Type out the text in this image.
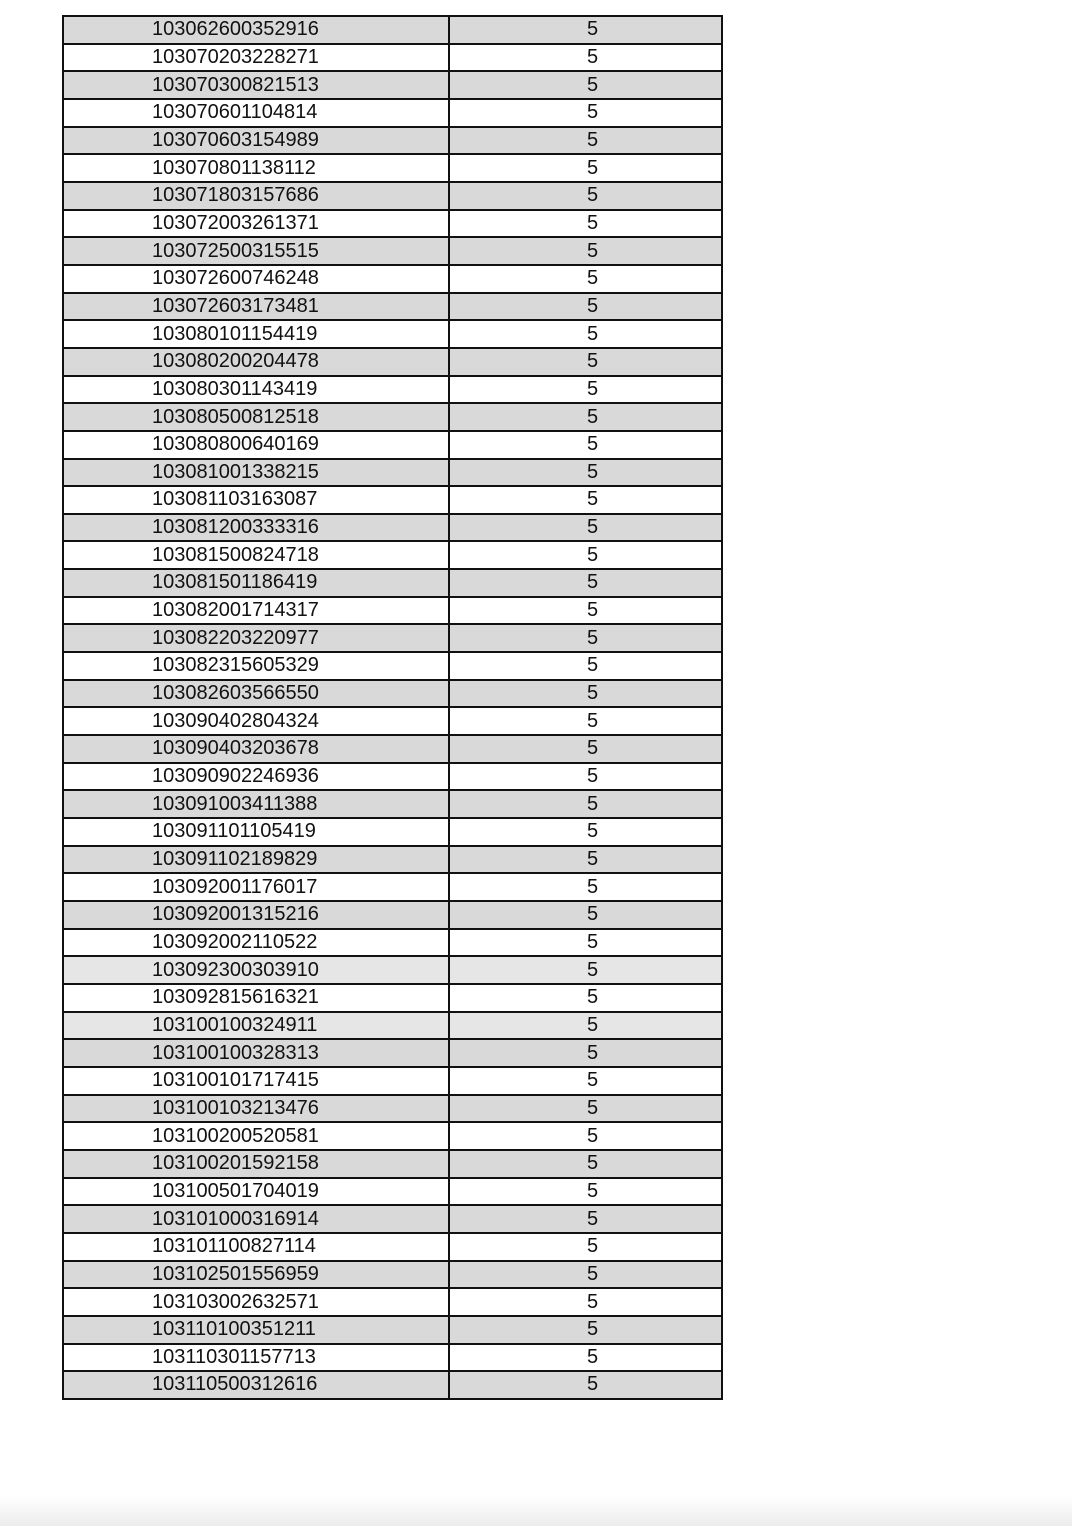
103062600352916	5
103070203228271	5
103070300821513	5
103070601104814	5
103070603154989	5
103070801138112	5
103071803157686	5
103072003261371	5
103072500315515	5
103072600746248	5
103072603173481	5
103080101154419	5
103080200204478	5
103080301143419	5
103080500812518	5
103080800640169	5
103081001338215	5
103081103163087	5
103081200333316	5
103081500824718	5
103081501186419	5
103082001714317	5
103082203220977	5
103082315605329	5
103082603566550	5
103090402804324	5
103090403203678	5
103090902246936	5
103091003411388	5
103091101105419	5
103091102189829	5
103092001176017	5
103092001315216	5
103092002110522	5
103092300303910	5
103092815616321	5
103100100324911	5
103100100328313	5
103100101717415	5
103100103213476	5
103100200520581	5
103100201592158	5
103100501704019	5
103101000316914	5
103101100827114	5
103102501556959	5
103103002632571	5
103110100351211	5
103110301157713	5
103110500312616	5
